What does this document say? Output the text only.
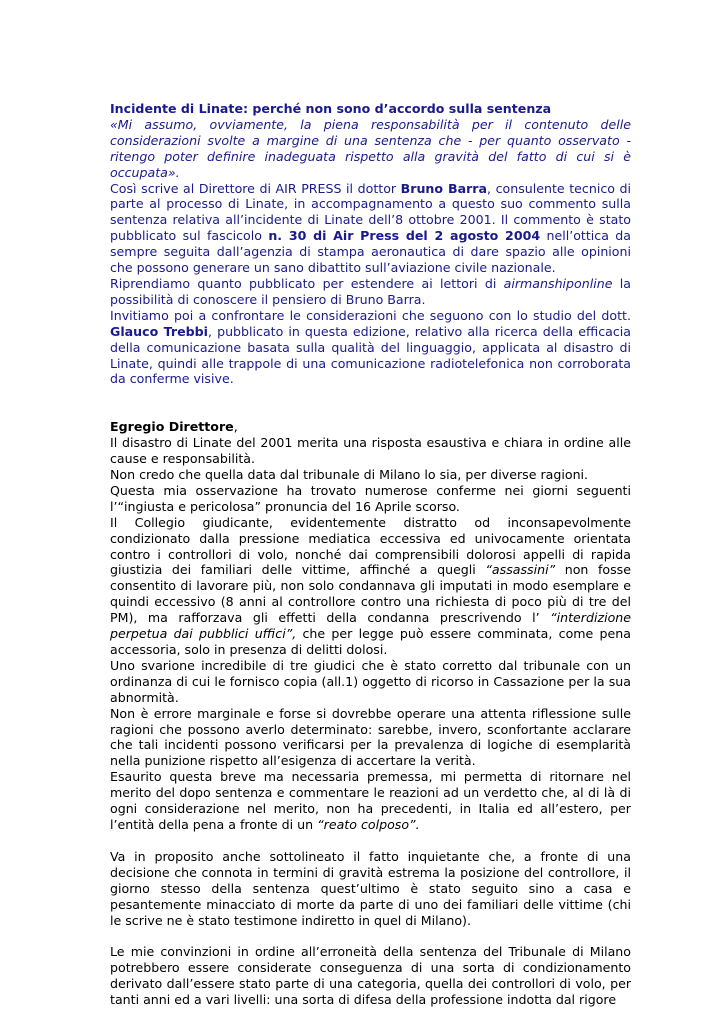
Incidente di Linate: perché non sono d’accordo sulla sentenza

«Mi assumo, ovviamente, la piena responsabilità per il contenuto delle considerazioni svolte a margine di una sentenza che - per quanto osservato - ritengo poter definire inadeguata rispetto alla gravità del fatto di cui si è occupata».

Così scrive al Direttore di AIR PRESS il dottor Bruno Barra, consulente tecnico di parte al processo di Linate, in accompagnamento a questo suo commento sulla sentenza relativa all’incidente di Linate dell’8 ottobre 2001. Il commento è stato pubblicato sul fascicolo n. 30 di Air Press del 2 agosto 2004 nell’ottica da sempre seguita dall’agenzia di stampa aeronautica di dare spazio alle opinioni che possono generare un sano dibattito sull’aviazione civile nazionale.

Riprendiamo quanto pubblicato per estendere ai lettori di airmanshiponline la possibilità di conoscere il pensiero di Bruno Barra.

Invitiamo poi a confrontare le considerazioni che seguono con lo studio del dott. Glauco Trebbi, pubblicato in questa edizione, relativo alla ricerca della efficacia della comunicazione basata sulla qualità del linguaggio, applicata al disastro di Linate, quindi alle trappole di una comunicazione radiotelefonica non corroborata da conferme visive.

Egregio Direttore,

Il disastro di Linate del 2001 merita una risposta esaustiva e chiara in ordine alle cause e responsabilità.

Non credo che quella data dal tribunale di Milano lo sia, per diverse ragioni.

Questa mia osservazione ha trovato numerose conferme nei giorni seguenti l’“ingiusta e pericolosa” pronuncia del 16 Aprile scorso.

Il Collegio giudicante, evidentemente distratto od inconsapevolmente condizionato dalla pressione mediatica eccessiva ed univocamente orientata contro i controllori di volo, nonché dai comprensibili dolorosi appelli di rapida giustizia dei familiari delle vittime, affinché a quegli “assassini” non fosse consentito di lavorare più, non solo condannava gli imputati in modo esemplare e quindi eccessivo (8 anni al controllore contro una richiesta di poco più di tre del PM), ma rafforzava gli effetti della condanna prescrivendo l’ “interdizione perpetua dai pubblici uffici”, che per legge può essere comminata, come pena accessoria, solo in presenza di delitti dolosi.

Uno svarione incredibile di tre giudici che è stato corretto dal tribunale con un ordinanza di cui le fornisco copia (all.1) oggetto di ricorso in Cassazione per la sua abnormità.

Non è errore marginale e forse si dovrebbe operare una attenta riflessione sulle ragioni che possono averlo determinato: sarebbe, invero, sconfortante acclarare che tali incidenti possono verificarsi per la prevalenza di logiche di esemplarità nella punizione rispetto all’esigenza di accertare la verità.

Esaurito questa breve ma necessaria premessa, mi permetta di ritornare nel merito del dopo sentenza e commentare le reazioni ad un verdetto che, al di là di ogni considerazione nel merito, non ha precedenti, in Italia ed all’estero, per l’entità della pena a fronte di un “reato colposo”.

Va in proposito anche sottolineato il fatto inquietante che, a fronte di una decisione che connota in termini di gravità estrema la posizione del controllore, il giorno stesso della sentenza quest’ultimo è stato seguito sino a casa e pesantemente minacciato di morte da parte di uno dei familiari delle vittime (chi le scrive ne è stato testimone indiretto in quel di Milano).

Le mie convinzioni in ordine all’erroneità della sentenza del Tribunale di Milano potrebbero essere considerate conseguenza di una sorta di condizionamento derivato dall’essere stato parte di una categoria, quella dei controllori di volo, per tanti anni ed a vari livelli: una sorta di difesa della professione indotta dal rigore
